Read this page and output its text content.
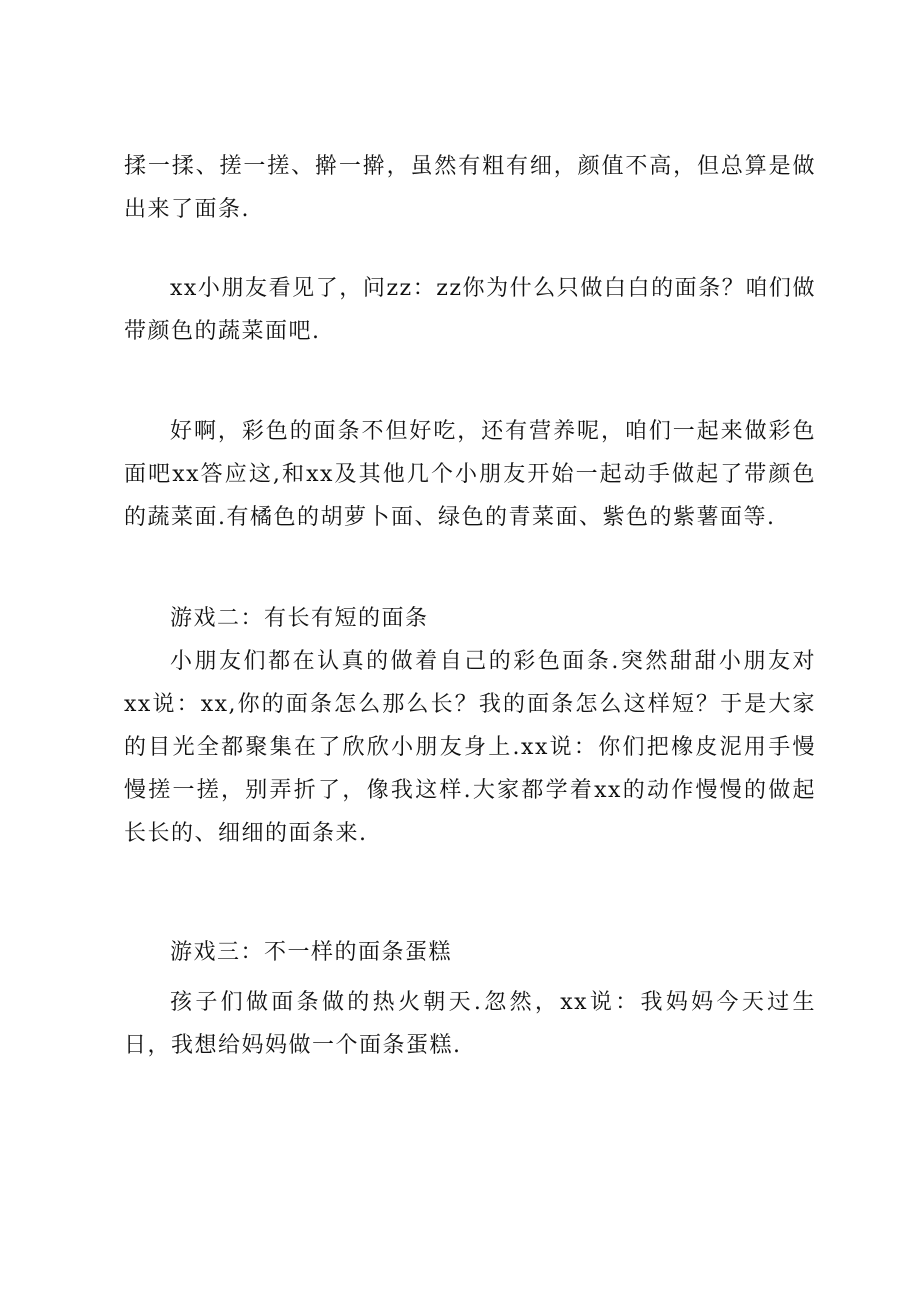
揉一揉、搓一搓、擀一擀，虽然有粗有细，颜值不高，但总算是做出来了面条.

xx小朋友看见了，问zz：zz你为什么只做白白的面条？咱们做带颜色的蔬菜面吧.

好啊，彩色的面条不但好吃，还有营养呢，咱们一起来做彩色面吧xx答应这,和xx及其他几个小朋友开始一起动手做起了带颜色的蔬菜面.有橘色的胡萝卜面、绿色的青菜面、紫色的紫薯面等.

游戏二：有长有短的面条

小朋友们都在认真的做着自己的彩色面条.突然甜甜小朋友对xx说：xx,你的面条怎么那么长？我的面条怎么这样短？于是大家的目光全都聚集在了欣欣小朋友身上.xx说：你们把橡皮泥用手慢慢搓一搓，别弄折了，像我这样.大家都学着xx的动作慢慢的做起长长的、细细的面条来.

游戏三：不一样的面条蛋糕

孩子们做面条做的热火朝天.忽然，xx说：我妈妈今天过生日，我想给妈妈做一个面条蛋糕.
